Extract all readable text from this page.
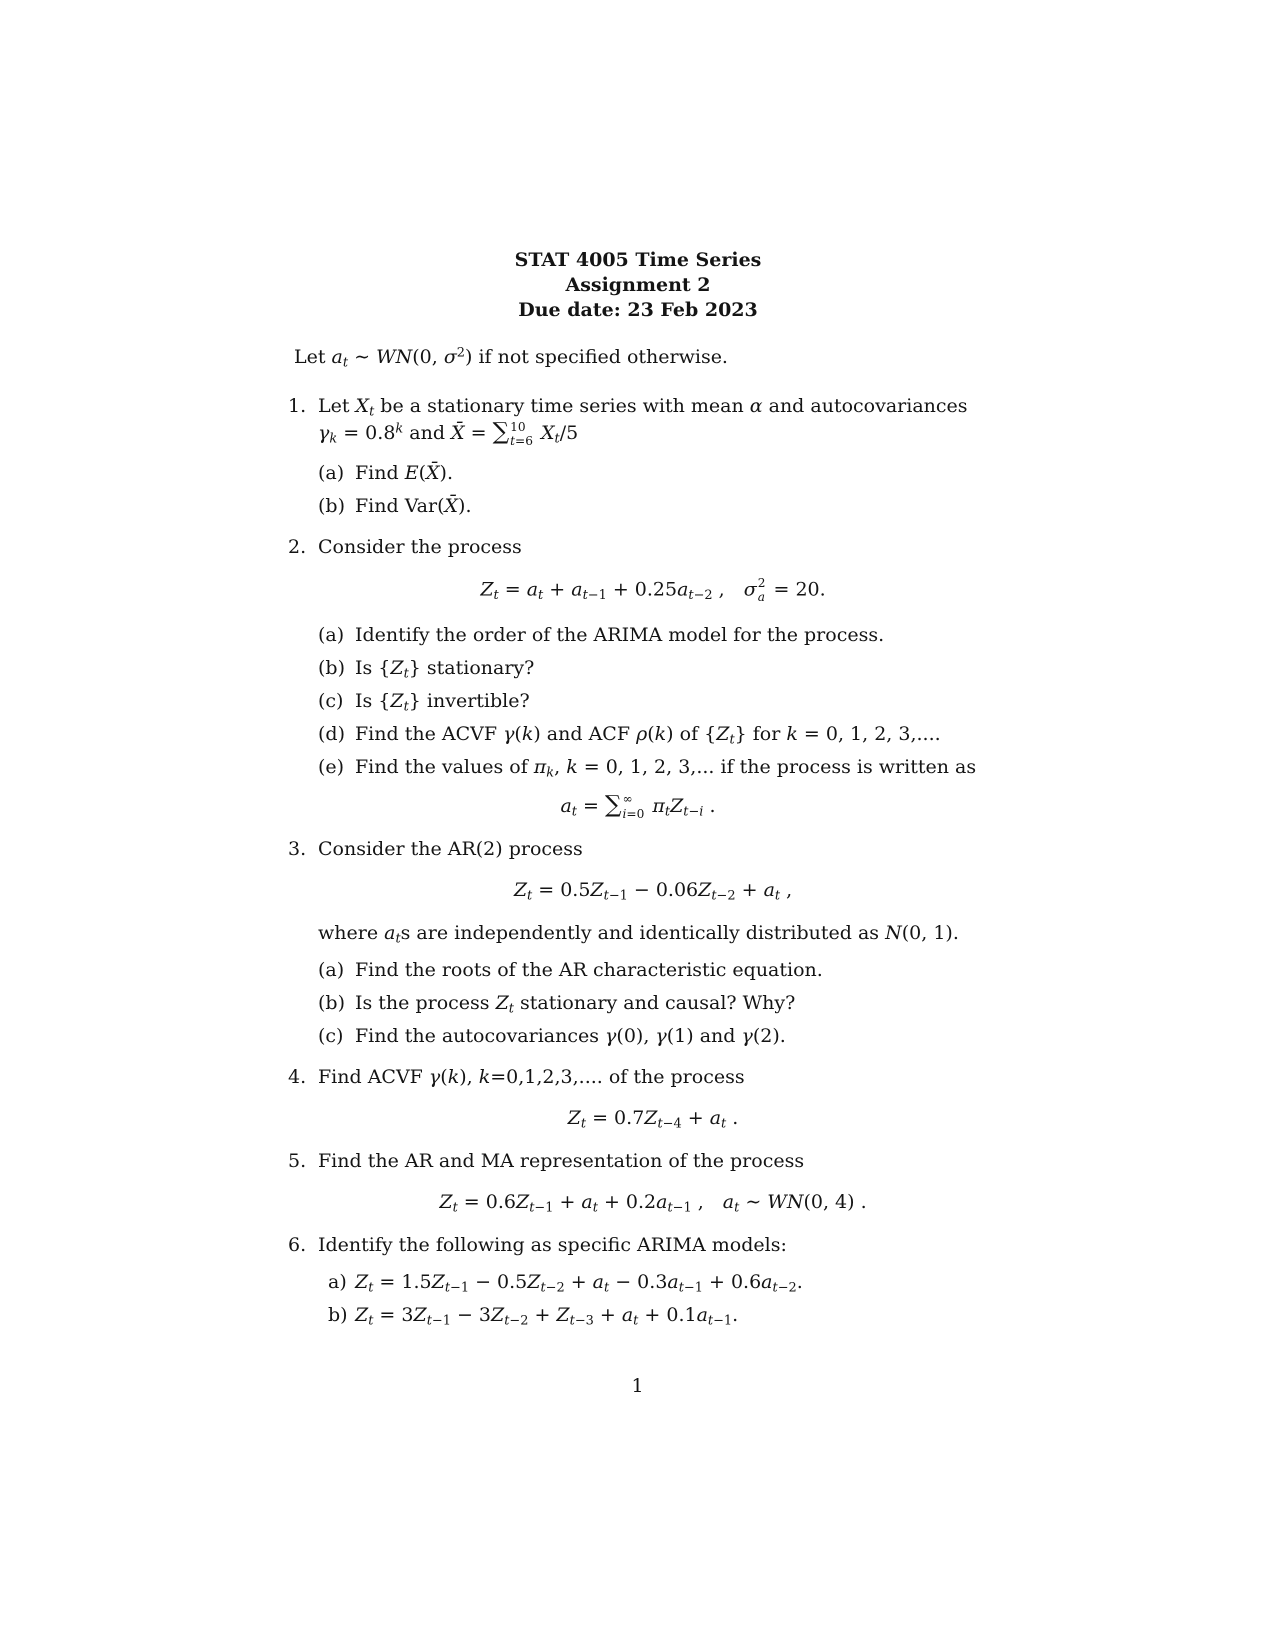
STAT 4005 Time Series
Assignment 2
Due date: 23 Feb 2023

Let $a_t$ ∼ WN(0, $\sigma^2$) if not specified otherwise.

1. Let $X_t$ be a stationary time series with mean α and autocovariances $\gamma_k = 0.8^k$ and X̄ = ∑ 10
t=6 $X_t/5$
(a) Find E(X̄).
(b) Find Var(X̄).
2. Consider the process
$Z_t = a_t + a_{t-1} + 0.25a_{t-2}$ , σ 2
a = 20.
(a) Identify the order of the ARIMA model for the process.
(b) Is $\{Z_t\}$ stationary?
(c) Is $\{Z_t\}$ invertible?
(d) Find the ACVF γ(k) and ACF ρ(k) of $\{Z_t\}$ for k = 0, 1, 2, 3,....
(e) Find the values of $\pi_k$, k = 0, 1, 2, 3,... if the process is written as
$a_t$ = ∑ ∞
i=0 $\pi_tZ_{t-i}$ .
3. Consider the AR(2) process
$Z_t = 0.5Z_{t-1} - 0.06Z_{t-2} + a_t$ ,
where $a_ts$ are independently and identically distributed as N(0, 1).
(a) Find the roots of the AR characteristic equation.
(b) Is the process $Z_t$ stationary and causal? Why?
(c) Find the autocovariances γ(0), γ(1) and γ(2).
4. Find ACVF γ(k), k=0,1,2,3,.... of the process
$Z_t = 0.7Z_{t-4} + a_t$ .
5. Find the AR and MA representation of the process
$Z_t = 0.6Z_{t-1} + a_t + 0.2a_{t-1}$ , $a_t$ ∼ WN(0, 4) .
6. Identify the following as specific ARIMA models:
a) $Z_t = 1.5Z_{t-1} - 0.5Z_{t-2} + a_t - 0.3a_{t-1} + 0.6a_{t-2}$.
b) $Z_t = 3Z_{t-1} - 3Z_{t-2} + Z_{t-3} + a_t + 0.1a_{t-1}$.
1
